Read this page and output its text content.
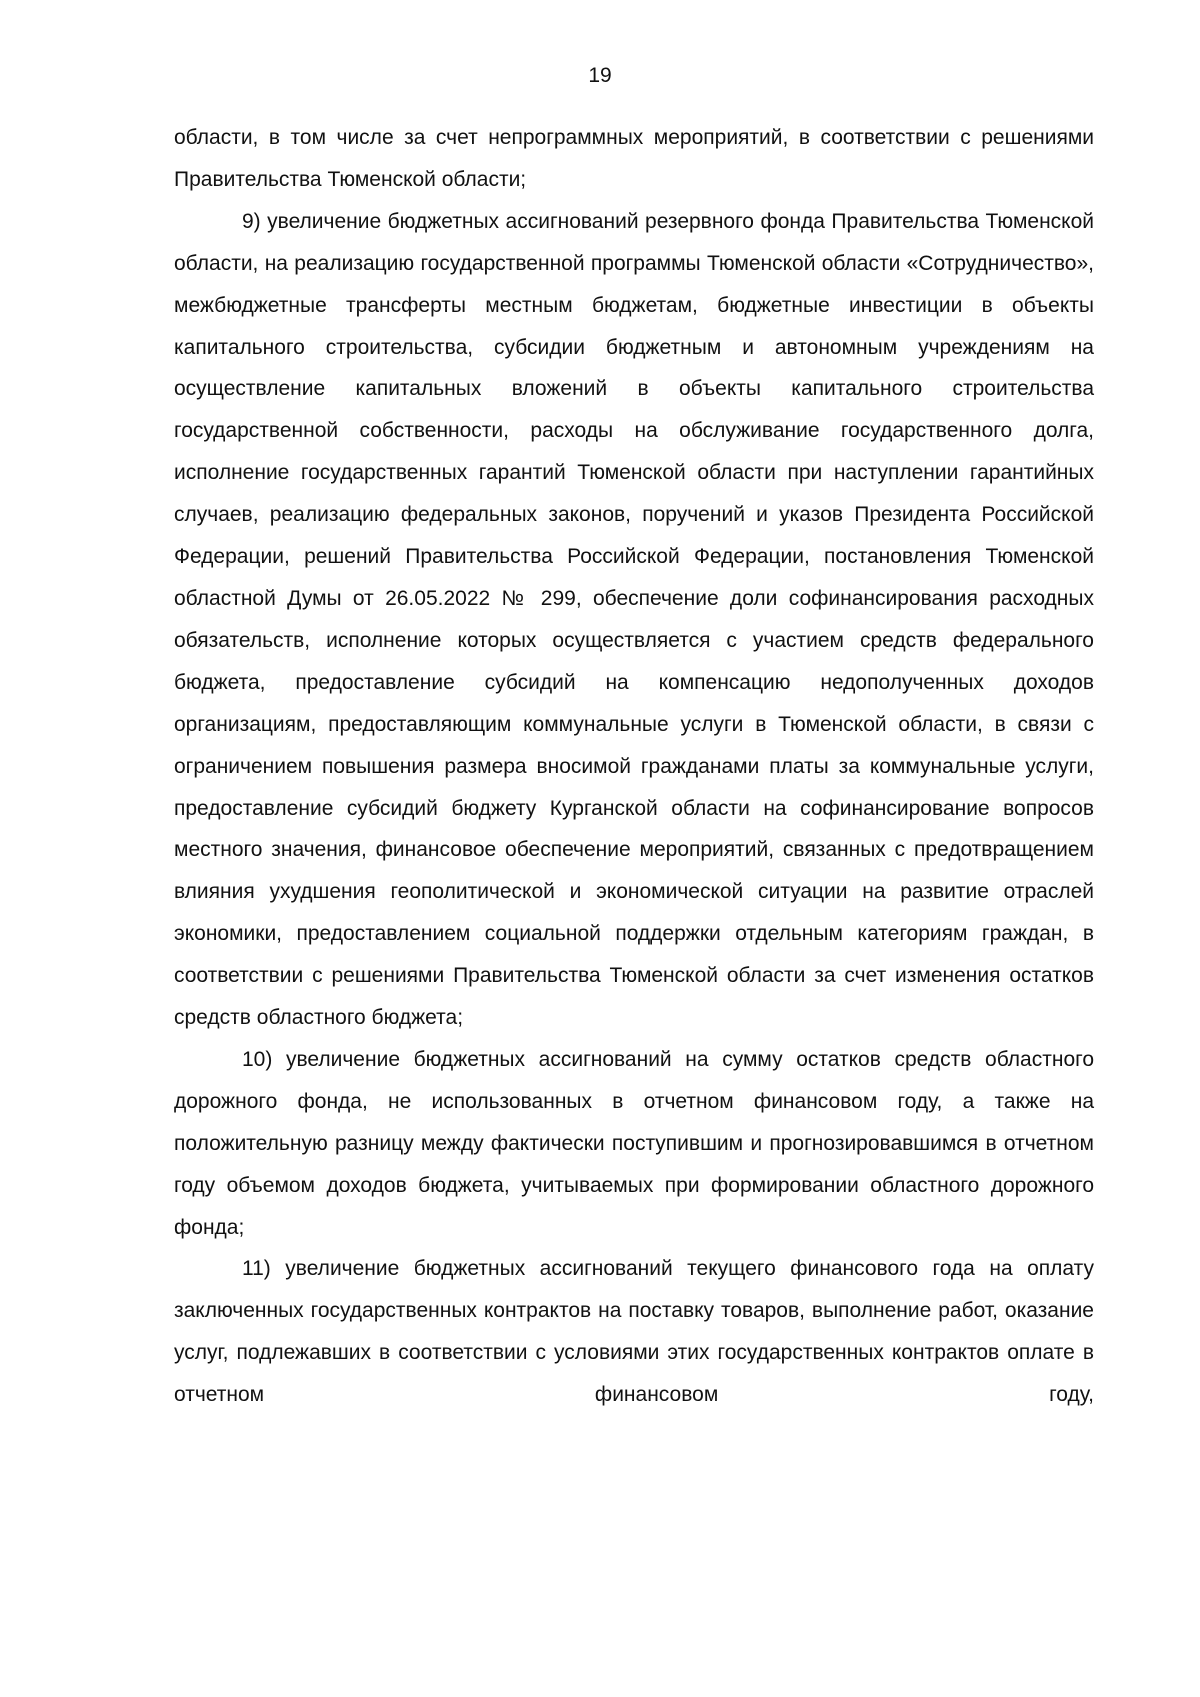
19

области, в том числе за счет непрограммных мероприятий, в соответствии с решениями Правительства Тюменской области;

9) увеличение бюджетных ассигнований резервного фонда Правительства Тюменской области, на реализацию государственной программы Тюменской области «Сотрудничество», межбюджетные трансферты местным бюджетам, бюджетные инвестиции в объекты капитального строительства, субсидии бюджетным и автономным учреждениям на осуществление капитальных вложений в объекты капитального строительства государственной собственности, расходы на обслуживание государственного долга, исполнение государственных гарантий Тюменской области при наступлении гарантийных случаев, реализацию федеральных законов, поручений и указов Президента Российской Федерации, решений Правительства Российской Федерации, постановления Тюменской областной Думы от 26.05.2022 № 299, обеспечение доли софинансирования расходных обязательств, исполнение которых осуществляется с участием средств федерального бюджета, предоставление субсидий на компенсацию недополученных доходов организациям, предоставляющим коммунальные услуги в Тюменской области, в связи с ограничением повышения размера вносимой гражданами платы за коммунальные услуги, предоставление субсидий бюджету Курганской области на софинансирование вопросов местного значения, финансовое обеспечение мероприятий, связанных с предотвращением влияния ухудшения геополитической и экономической ситуации на развитие отраслей экономики, предоставлением социальной поддержки отдельным категориям граждан, в соответствии с решениями Правительства Тюменской области за счет изменения остатков средств областного бюджета;

10) увеличение бюджетных ассигнований на сумму остатков средств областного дорожного фонда, не использованных в отчетном финансовом году, а также на положительную разницу между фактически поступившим и прогнозировавшимся в отчетном году объемом доходов бюджета, учитываемых при формировании областного дорожного фонда;

11) увеличение бюджетных ассигнований текущего финансового года на оплату заключенных государственных контрактов на поставку товаров, выполнение работ, оказание услуг, подлежавших в соответствии с условиями этих государственных контрактов оплате в отчетном финансовом году,
